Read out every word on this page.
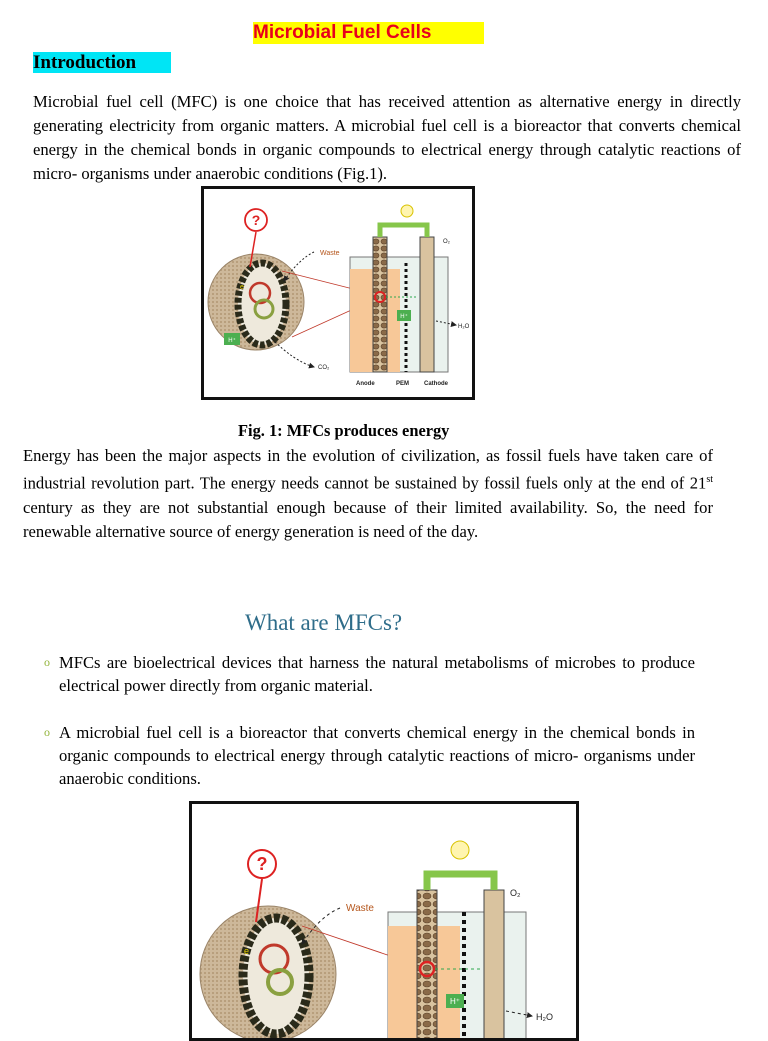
Microbial Fuel Cells
Introduction
Microbial fuel cell (MFC) is one choice that has received attention as alternative energy in directly generating electricity from organic matters. A microbial fuel cell is a bioreactor that converts chemical energy in the chemical bonds in organic compounds to electrical energy through catalytic reactions of micro- organisms under anaerobic conditions (Fig.1).
?
H⁺
e
Waste
CO₂
H⁺
O₂
H₂O
Anode	PEM Cathode
Fig. 1: MFCs produces energy
Energy has been the major aspects in the evolution of civilization, as fossil fuels have taken care of industrial revolution part. The energy needs cannot be sustained by fossil fuels only at the end of 21st century as they are not substantial enough because of their limited availability. So, the need for renewable alternative source of energy generation is need of the day.
What are MFCs?
o MFCs are bioelectrical devices that harness the natural metabolisms of microbes to produce electrical power directly from organic material.
o A microbial fuel cell is a bioreactor that converts chemical energy in the chemical bonds in organic compounds to electrical energy through catalytic reactions of micro- organisms under anaerobic conditions.
?
e
Waste
H⁺
O₂
H₂O
